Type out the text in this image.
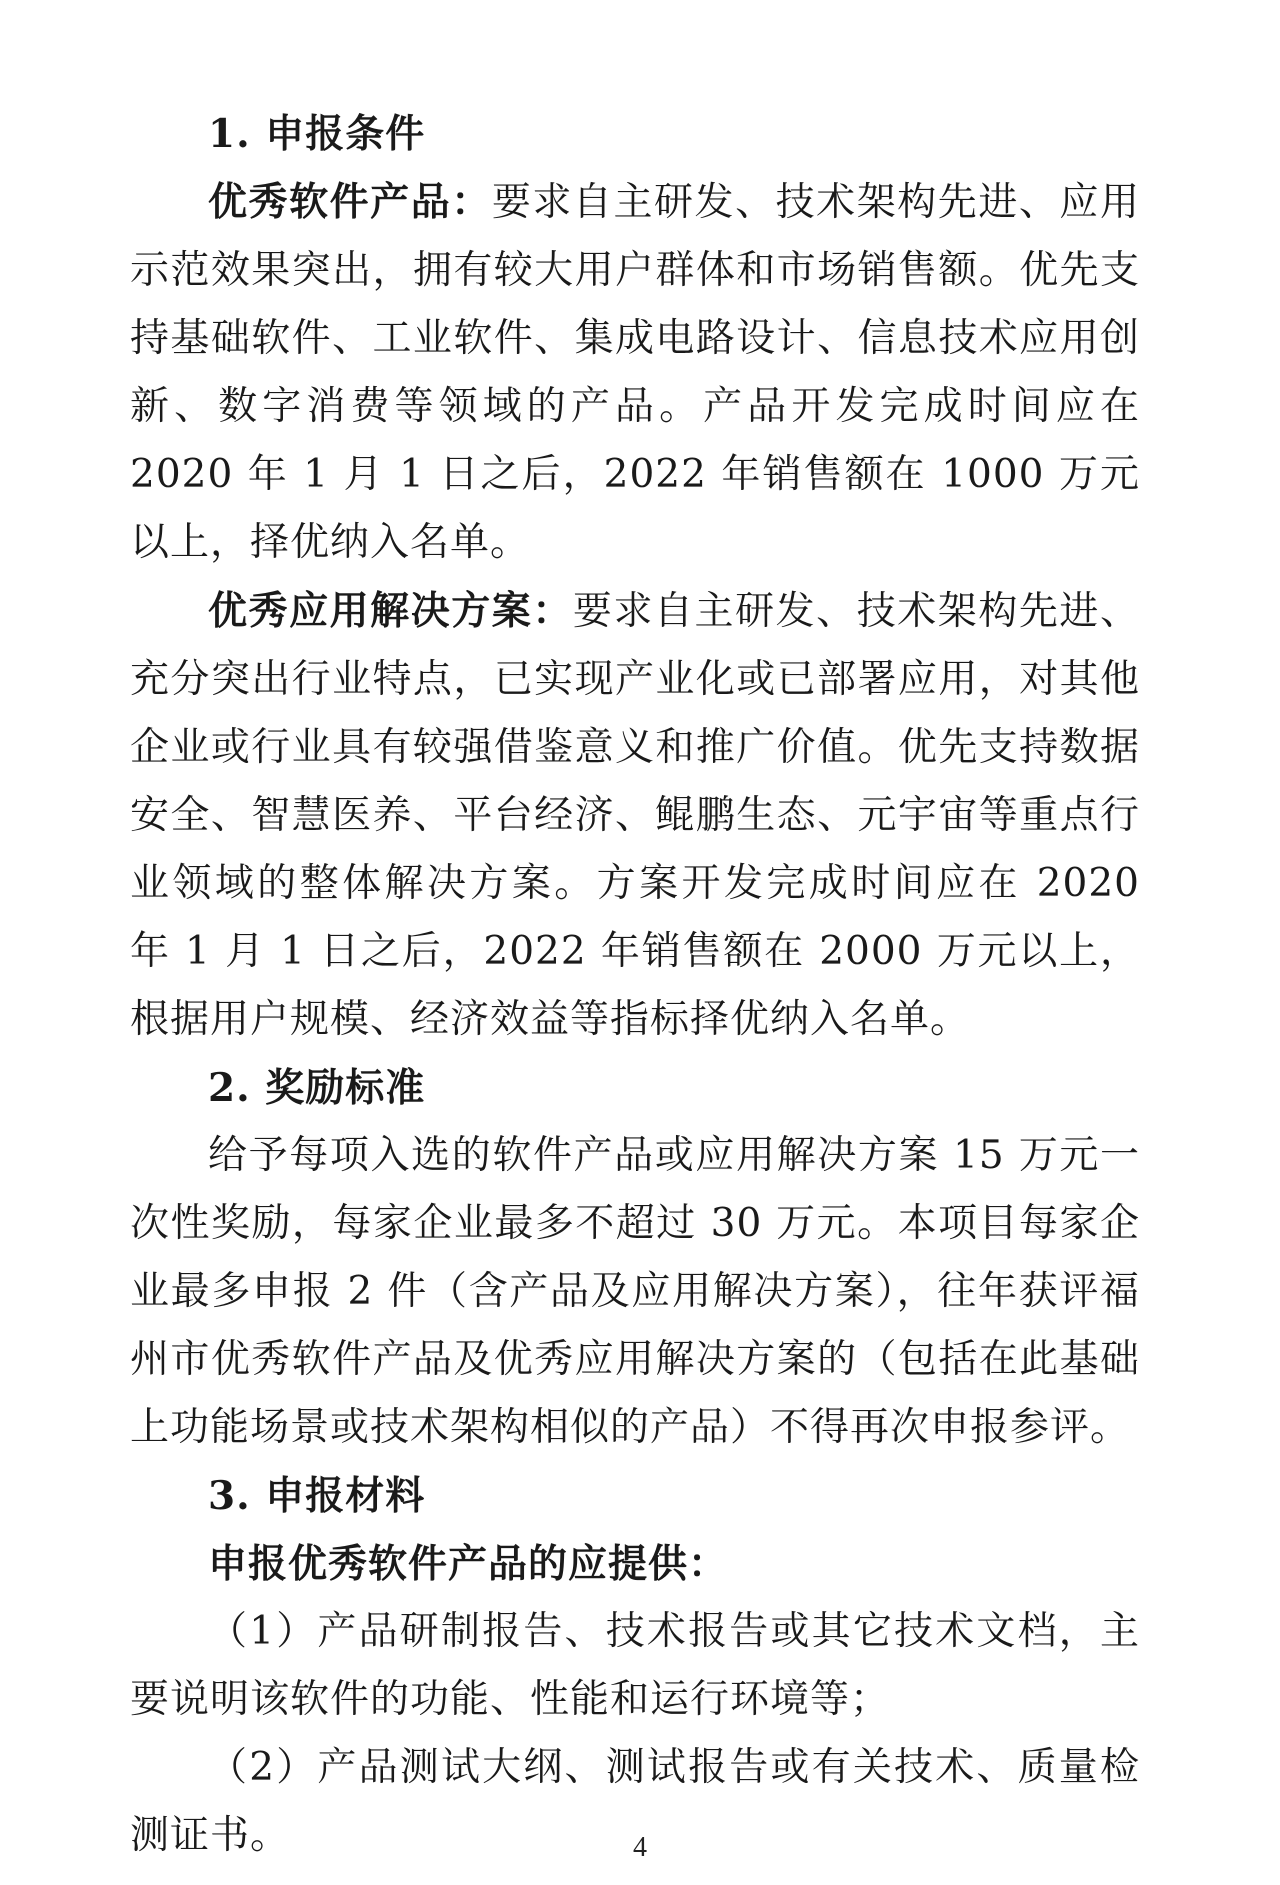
1. 申报条件

优秀软件产品：要求自主研发、技术架构先进、应用示范效果突出，拥有较大用户群体和市场销售额。优先支持基础软件、工业软件、集成电路设计、信息技术应用创新、数字消费等领域的产品。产品开发完成时间应在 2020 年 1 月 1 日之后，2022 年销售额在 1000 万元以上，择优纳入名单。

优秀应用解决方案：要求自主研发、技术架构先进、充分突出行业特点，已实现产业化或已部署应用，对其他企业或行业具有较强借鉴意义和推广价值。优先支持数据安全、智慧医养、平台经济、鲲鹏生态、元宇宙等重点行业领域的整体解决方案。方案开发完成时间应在 2020 年 1 月 1 日之后，2022 年销售额在 2000 万元以上，根据用户规模、经济效益等指标择优纳入名单。

2. 奖励标准

给予每项入选的软件产品或应用解决方案 15 万元一次性奖励，每家企业最多不超过 30 万元。本项目每家企业最多申报 2 件（含产品及应用解决方案），往年获评福州市优秀软件产品及优秀应用解决方案的（包括在此基础上功能场景或技术架构相似的产品）不得再次申报参评。

3. 申报材料

申报优秀软件产品的应提供：

（1）产品研制报告、技术报告或其它技术文档，主要说明该软件的功能、性能和运行环境等；

（2）产品测试大纲、测试报告或有关技术、质量检测证书。	4
